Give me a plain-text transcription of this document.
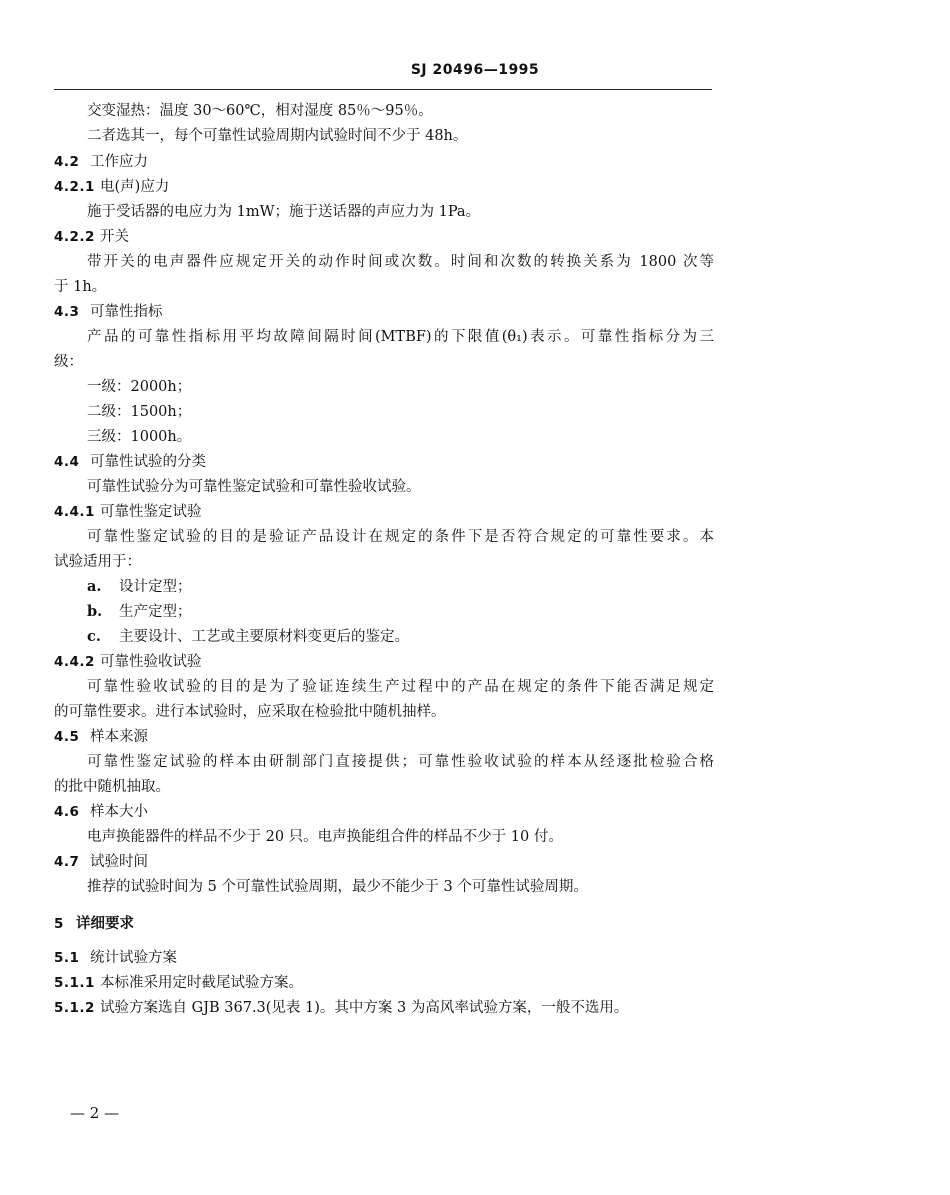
SJ 20496—1995
交变湿热：温度 30～60℃，相对湿度 85％～95％。
二者选其一，每个可靠性试验周期内试验时间不少于 48h。
4.2 工作应力
4.2.1 电(声)应力
施于受话器的电应力为 1mW；施于送话器的声应力为 1Pa。
4.2.2 开关
带开关的电声器件应规定开关的动作时间或次数。时间和次数的转换关系为 1800 次等
于 1h。
4.3 可靠性指标
产品的可靠性指标用平均故障间隔时间(MTBF)的下限值(θ₁)表示。可靠性指标分为三
级：
一级：2000h；
二级：1500h；
三级：1000h。
4.4 可靠性试验的分类
可靠性试验分为可靠性鉴定试验和可靠性验收试验。
4.4.1 可靠性鉴定试验
可靠性鉴定试验的目的是验证产品设计在规定的条件下是否符合规定的可靠性要求。本
试验适用于：
a. 设计定型；
b. 生产定型；
c. 主要设计、工艺或主要原材料变更后的鉴定。
4.4.2 可靠性验收试验
可靠性验收试验的目的是为了验证连续生产过程中的产品在规定的条件下能否满足规定
的可靠性要求。进行本试验时，应采取在检验批中随机抽样。
4.5 样本来源
可靠性鉴定试验的样本由研制部门直接提供；可靠性验收试验的样本从经逐批检验合格
的批中随机抽取。
4.6 样本大小
电声换能器件的样品不少于 20 只。电声换能组合件的样品不少于 10 付。
4.7 试验时间
推荐的试验时间为 5 个可靠性试验周期，最少不能少于 3 个可靠性试验周期。
5 详细要求
5.1 统计试验方案
5.1.1 本标准采用定时截尾试验方案。
5.1.2 试验方案选自 GJB 367.3(见表 1)。其中方案 3 为高风率试验方案，一般不选用。
— 2 —
